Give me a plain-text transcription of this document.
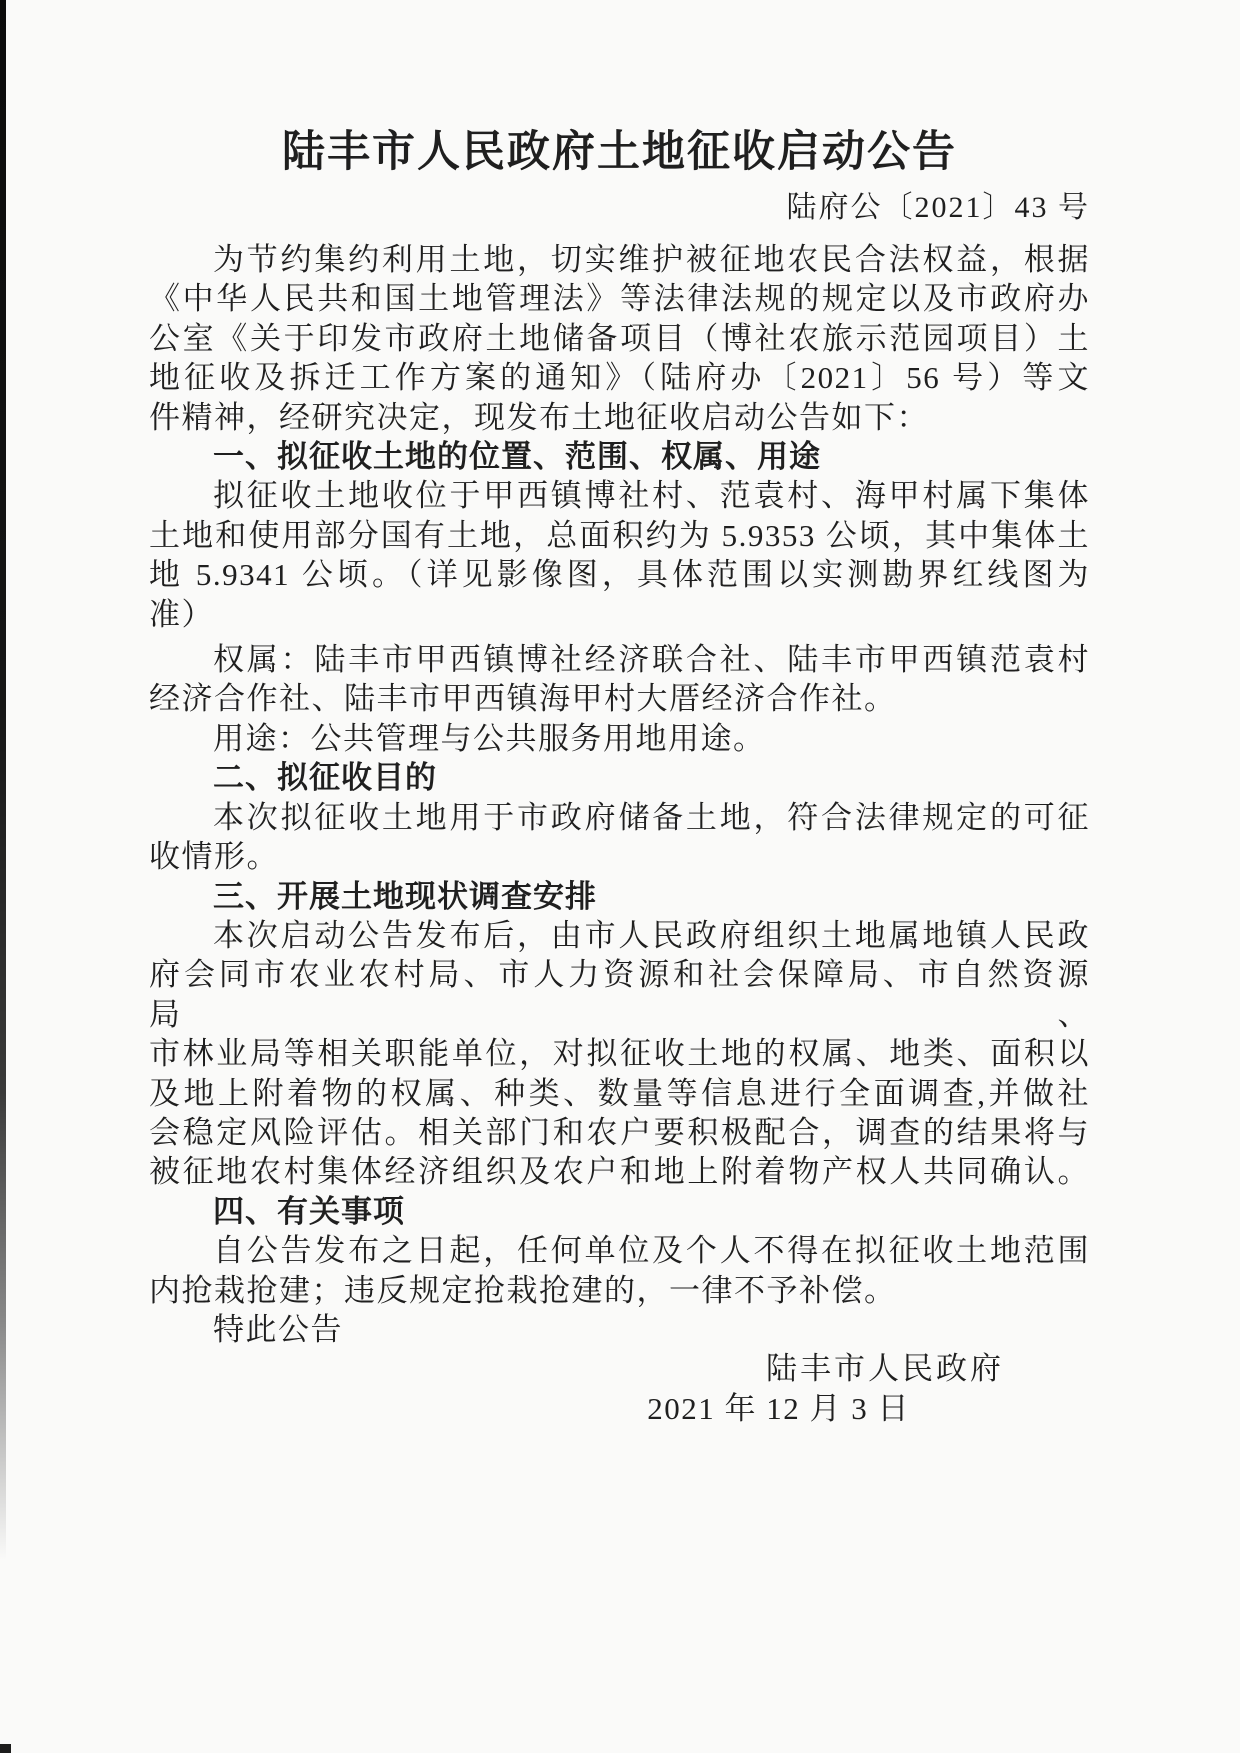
陆丰市人民政府土地征收启动公告
陆府公〔2021〕43 号
为节约集约利用土地，切实维护被征地农民合法权益，根据
《中华人民共和国土地管理法》等法律法规的规定以及市政府办
公室《关于印发市政府土地储备项目（博社农旅示范园项目）土
地征收及拆迁工作方案的通知》（陆府办〔2021〕56 号）等文
件精神，经研究决定，现发布土地征收启动公告如下：
一、拟征收土地的位置、范围、权属、用途
拟征收土地收位于甲西镇博社村、范袁村、海甲村属下集体
土地和使用部分国有土地，总面积约为 5.9353 公顷，其中集体土
地 5.9341 公顷。（详见影像图，具体范围以实测勘界红线图为
准）
权属：陆丰市甲西镇博社经济联合社、陆丰市甲西镇范袁村
经济合作社、陆丰市甲西镇海甲村大厝经济合作社。
用途：公共管理与公共服务用地用途。
二、拟征收目的
本次拟征收土地用于市政府储备土地，符合法律规定的可征
收情形。
三、开展土地现状调查安排
本次启动公告发布后，由市人民政府组织土地属地镇人民政
府会同市农业农村局、市人力资源和社会保障局、市自然资源局、
市林业局等相关职能单位，对拟征收土地的权属、地类、面积以
及地上附着物的权属、种类、数量等信息进行全面调查,并做社
会稳定风险评估。相关部门和农户要积极配合，调查的结果将与
被征地农村集体经济组织及农户和地上附着物产权人共同确认。
四、有关事项
自公告发布之日起，任何单位及个人不得在拟征收土地范围
内抢栽抢建；违反规定抢栽抢建的，一律不予补偿。
特此公告
陆丰市人民政府
2021 年 12 月 3 日
